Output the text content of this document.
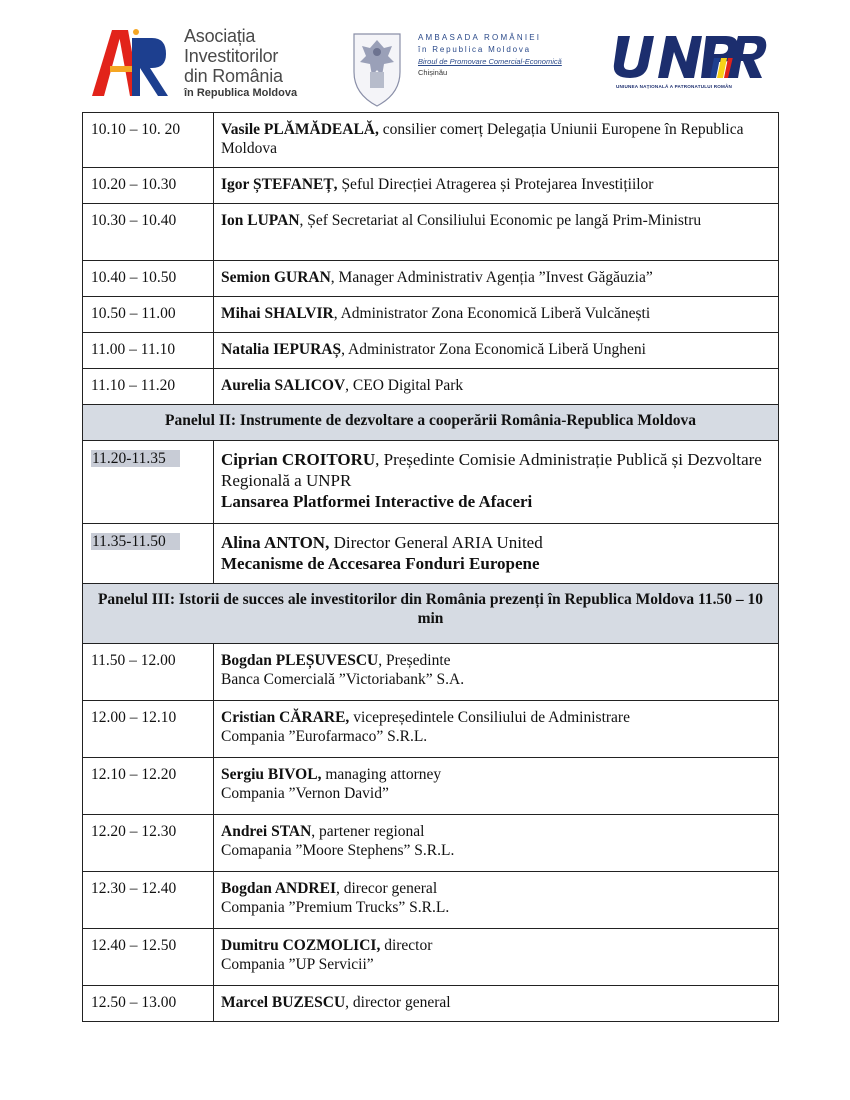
Asociația
Investitorilor
din România
în Republica Moldova
AMBASADA ROMÂNIEI
în Republica Moldova
Biroul de Promovare Comercial-Economică
Chișinău
UNIUNEA NAȚIONALĂ A PATRONATULUI ROMÂN
10.10 – 10. 20	Vasile PLĂMĂDEALĂ, consilier comerț Delegația Uniunii Europene în Republica Moldova
10.20 – 10.30	Igor ȘTEFANEȚ, Șeful Direcției Atragerea și Protejarea Investițiilor
10.30 – 10.40	Ion LUPAN, Șef Secretariat al Consiliului Economic pe langă Prim-Ministru
10.40 – 10.50	Semion GURAN, Manager Administrativ Agenția ”Invest Găgăuzia”
10.50 – 11.00	Mihai SHALVIR, Administrator Zona Economică Liberă Vulcănești
11.00 – 11.10	Natalia IEPURAȘ, Administrator Zona Economică Liberă Ungheni
11.10 – 11.20	Aurelia SALICOV, CEO Digital Park
Panelul II: Instrumente de dezvoltare a cooperării România-Republica Moldova	
11.20-11.35	Ciprian CROITORU, Președinte Comisie Administrație Publică și Dezvoltare Regională a UNPR
Lansarea Platformei Interactive de Afaceri
11.35-11.50	Alina ANTON, Director General ARIA United
Mecanisme de Accesarea Fonduri Europene
Panelul III: Istorii de succes ale investitorilor din România prezenți în Republica Moldova 11.50 – 10 min	
11.50 – 12.00	Bogdan PLEȘUVESCU, Președinte
Banca Comercială ”Victoriabank” S.A.
12.00 – 12.10	Cristian CĂRARE, vicepreședintele Consiliului de Administrare
Compania ”Eurofarmaco” S.R.L.
12.10 – 12.20	Sergiu BIVOL, managing attorney
Compania ”Vernon David”
12.20 – 12.30	Andrei STAN, partener regional
Comapania ”Moore Stephens” S.R.L.
12.30 – 12.40	Bogdan ANDREI, direcor general
Compania ”Premium Trucks” S.R.L.
12.40 – 12.50	Dumitru COZMOLICI, director
Compania ”UP Servicii”
12.50 – 13.00	Marcel BUZESCU, director general
